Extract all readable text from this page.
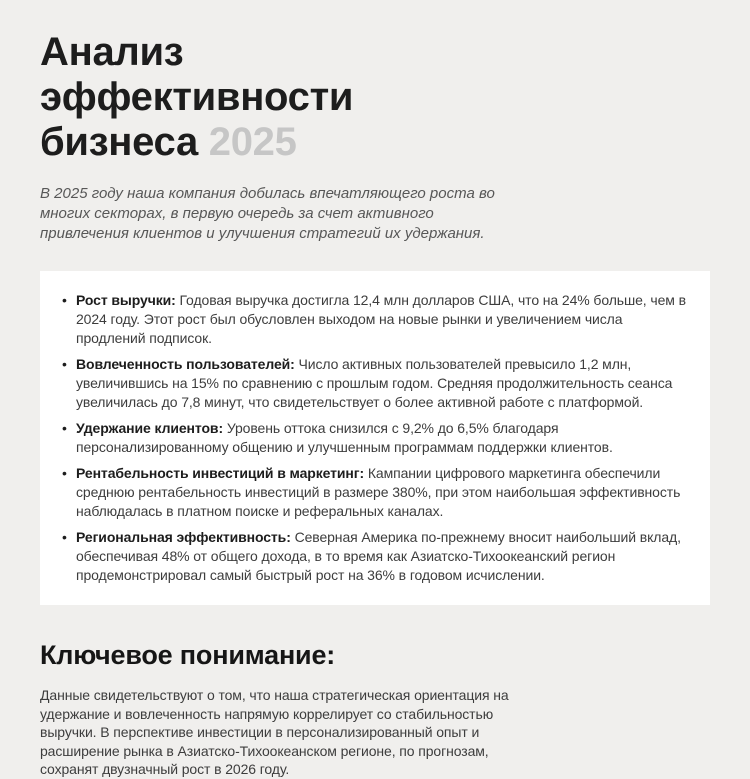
Анализ
эффективности
бизнеса 2025

В 2025 году наша компания добилась впечатляющего роста во многих секторах, в первую очередь за счет активного привлечения клиентов и улучшения стратегий их удержания.

• Рост выручки: Годовая выручка достигла 12,4 млн долларов США, что на 24% больше, чем в 2024 году. Этот рост был обусловлен выходом на новые рынки и увеличением числа продлений подписок.
• Вовлеченность пользователей: Число активных пользователей превысило 1,2 млн, увеличившись на 15% по сравнению с прошлым годом. Средняя продолжительность сеанса увеличилась до 7,8 минут, что свидетельствует о более активной работе с платформой.
• Удержание клиентов: Уровень оттока снизился с 9,2% до 6,5% благодаря персонализированному общению и улучшенным программам поддержки клиентов.
• Рентабельность инвестиций в маркетинг: Кампании цифрового маркетинга обеспечили среднюю рентабельность инвестиций в размере 380%, при этом наибольшая эффективность наблюдалась в платном поиске и реферальных каналах.
• Региональная эффективность: Северная Америка по-прежнему вносит наибольший вклад, обеспечивая 48% от общего дохода, в то время как Азиатско-Тихоокеанский регион продемонстрировал самый быстрый рост на 36% в годовом исчислении.
Ключевое понимание:

Данные свидетельствуют о том, что наша стратегическая ориентация на удержание и вовлеченность напрямую коррелирует со стабильностью выручки. В перспективе инвестиции в персонализированный опыт и расширение рынка в Азиатско-Тихоокеанском регионе, по прогнозам, сохранят двузначный рост в 2026 году.
